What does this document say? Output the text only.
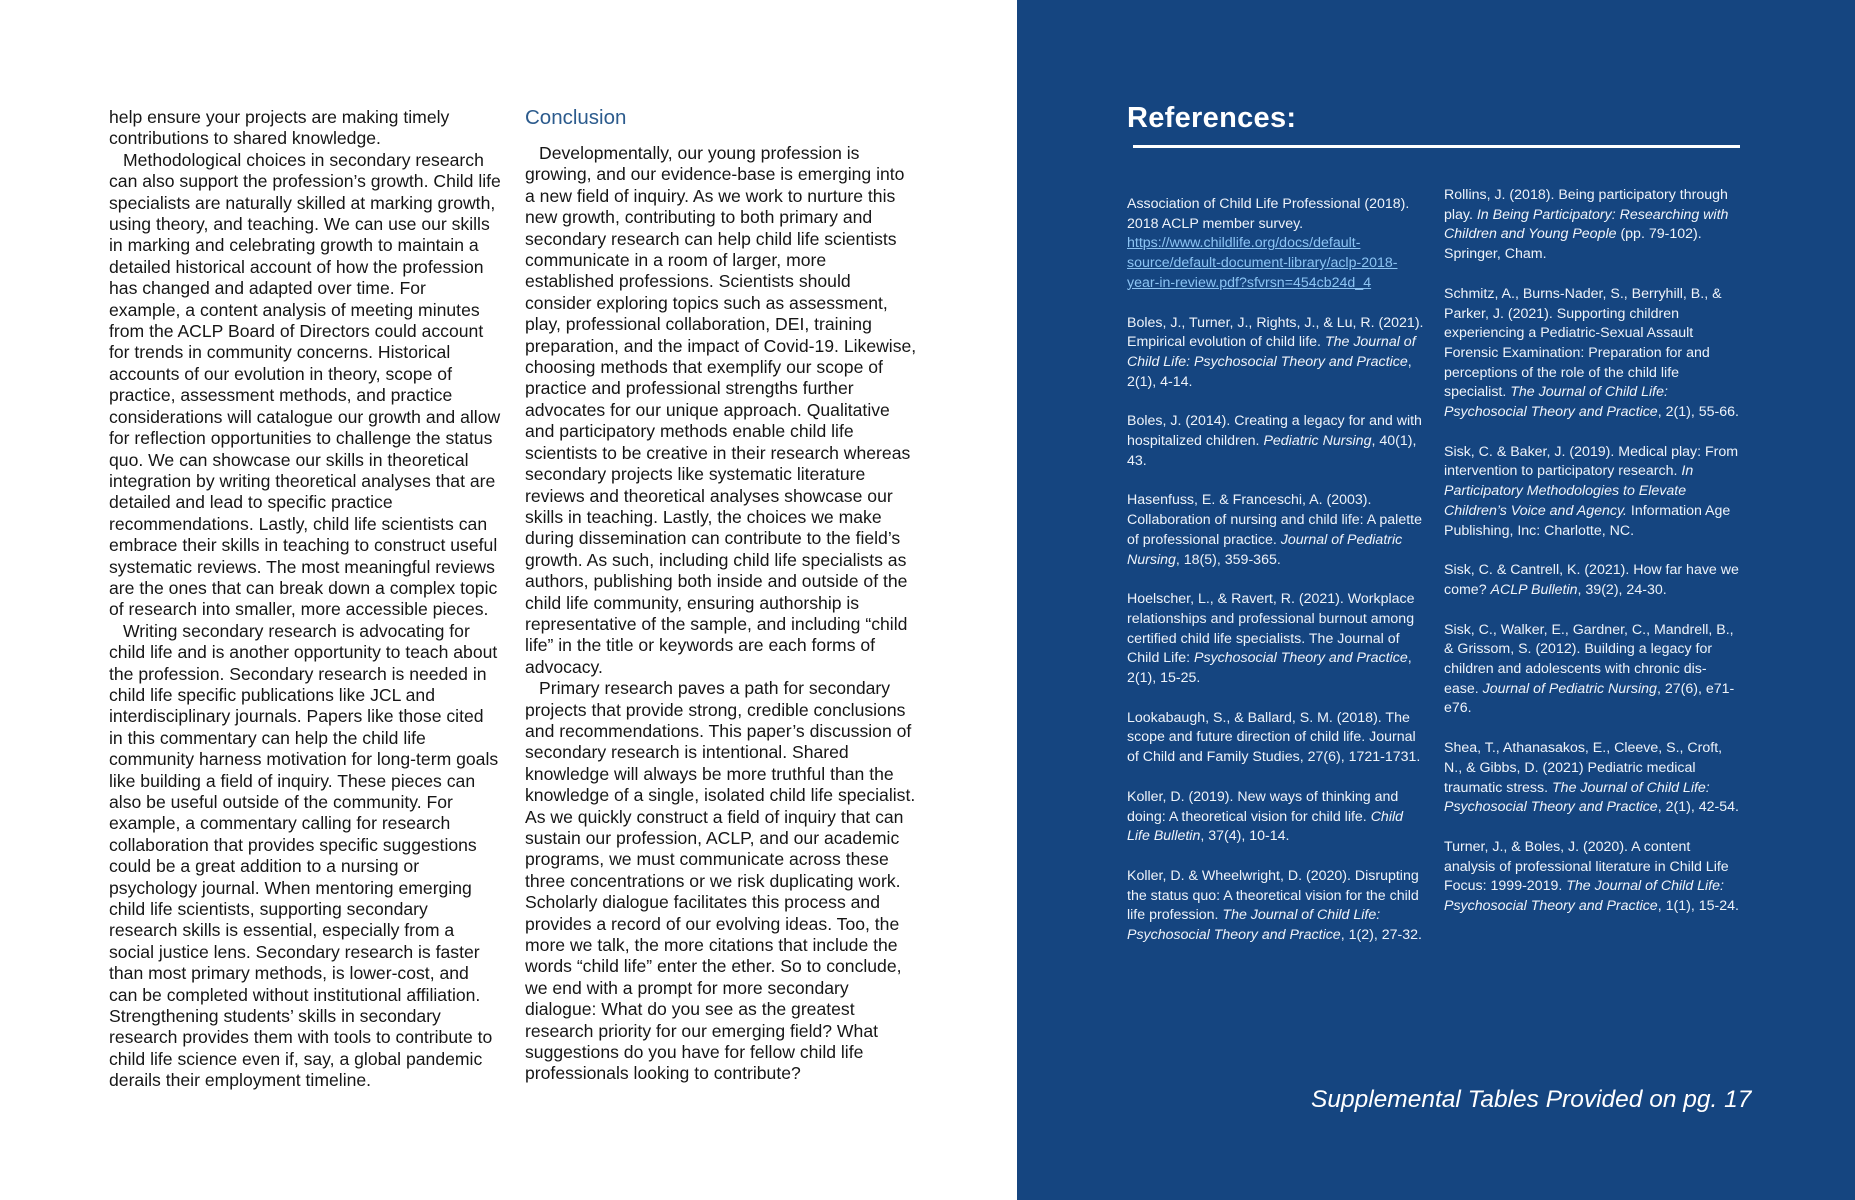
help ensure your projects are making timely contributions to shared knowledge.

Methodological choices in secondary research can also support the profession’s growth. Child life specialists are naturally skilled at marking growth, using theory, and teaching. We can use our skills in marking and celebrating growth to maintain a detailed historical account of how the profession has changed and adapted over time. For example, a content analysis of meeting minutes from the ACLP Board of Directors could account for trends in community concerns. Historical accounts of our evolution in theory, scope of practice, assessment methods, and practice considerations will catalogue our growth and allow for reflection opportunities to challenge the status quo. We can showcase our skills in theoretical integration by writing theoretical analyses that are detailed and lead to specific practice recommendations. Lastly, child life scientists can embrace their skills in teaching to construct useful systematic reviews. The most meaningful reviews are the ones that can break down a complex topic of research into smaller, more accessible pieces.

Writing secondary research is advocating for child life and is another opportunity to teach about the profession. Secondary research is needed in child life specific publications like JCL and interdisciplinary journals. Papers like those cited in this commentary can help the child life community harness motivation for long-term goals like building a field of inquiry. These pieces can also be useful outside of the community. For example, a commentary calling for research collaboration that provides specific suggestions could be a great addition to a nursing or psychology journal. When mentoring emerging child life scientists, supporting secondary research skills is essential, especially from a social justice lens. Secondary research is faster than most primary methods, is lower-cost, and can be completed without institutional affiliation. Strengthening students’ skills in secondary research provides them with tools to contribute to child life science even if, say, a global pandemic derails their employment timeline.

Conclusion

Developmentally, our young profession is growing, and our evidence-base is emerging into a new field of inquiry. As we work to nurture this new growth, contributing to both primary and secondary research can help child life scientists communicate in a room of larger, more established professions. Scientists should consider exploring topics such as assessment, play, professional collaboration, DEI, training preparation, and the impact of Covid-19. Likewise, choosing methods that exemplify our scope of practice and professional strengths further advocates for our unique approach. Qualitative and participatory methods enable child life scientists to be creative in their research whereas secondary projects like systematic literature reviews and theoretical analyses showcase our skills in teaching. Lastly, the choices we make during dissemination can contribute to the field’s growth. As such, including child life specialists as authors, publishing both inside and outside of the child life community, ensuring authorship is representative of the sample, and including “child life” in the title or keywords are each forms of advocacy.

Primary research paves a path for secondary projects that provide strong, credible conclusions and recommendations. This paper’s discussion of secondary research is intentional. Shared knowledge will always be more truthful than the knowledge of a single, isolated child life specialist. As we quickly construct a field of inquiry that can sustain our profession, ACLP, and our academic programs, we must communicate across these three concentrations or we risk duplicating work. Scholarly dialogue facilitates this process and provides a record of our evolving ideas. Too, the more we talk, the more citations that include the words “child life” enter the ether. So to conclude, we end with a prompt for more secondary dialogue: What do you see as the greatest research priority for our emerging field? What suggestions do you have for fellow child life professionals looking to contribute?

References:

Association of Child Life Professional (2018). 2018 ACLP member survey. https://www.childlife.org/docs/default-source/default-document-library/aclp-2018-year-in-review.pdf?sfvrsn=454cb24d_4

Boles, J., Turner, J., Rights, J., & Lu, R. (2021). Empirical evolution of child life. The Journal of Child Life: Psychosocial Theory and Practice, 2(1), 4-14.

Boles, J. (2014). Creating a legacy for and with hospitalized children. Pediatric Nursing, 40(1), 43.

Hasenfuss, E. & Franceschi, A. (2003). Collaboration of nursing and child life: A palette of professional practice. Journal of Pediatric Nursing, 18(5), 359-365.

Hoelscher, L., & Ravert, R. (2021). Workplace relationships and professional burnout among certified child life specialists. The Journal of Child Life: Psychosocial Theory and Practice, 2(1), 15-25.

Lookabaugh, S., & Ballard, S. M. (2018). The scope and future direction of child life. Journal of Child and Family Studies, 27(6), 1721-1731.

Koller, D. (2019). New ways of thinking and doing: A theoretical vision for child life. Child Life Bulletin, 37(4), 10-14.

Koller, D. & Wheelwright, D. (2020). Disrupting the status quo: A theoretical vision for the child life profession. The Journal of Child Life: Psychosocial Theory and Practice, 1(2), 27-32.

Rollins, J. (2018). Being participatory through play. In Being Participatory: Researching with Children and Young People (pp. 79-102). Springer, Cham.

Schmitz, A., Burns-Nader, S., Berryhill, B., & Parker, J. (2021). Supporting children experiencing a Pediatric-Sexual Assault Forensic Examination: Preparation for and perceptions of the role of the child life specialist. The Journal of Child Life: Psychosocial Theory and Practice, 2(1), 55-66.

Sisk, C. & Baker, J. (2019). Medical play: From intervention to participatory research. In Participatory Methodologies to Elevate Children’s Voice and Agency. Information Age Publishing, Inc: Charlotte, NC.

Sisk, C. & Cantrell, K. (2021). How far have we come? ACLP Bulletin, 39(2), 24-30.

Sisk, C., Walker, E., Gardner, C., Mandrell, B., & Grissom, S. (2012). Building a legacy for children and adolescents with chronic dis- ease. Journal of Pediatric Nursing, 27(6), e71-e76.

Shea, T., Athanasakos, E., Cleeve, S., Croft, N., & Gibbs, D. (2021) Pediatric medical traumatic stress. The Journal of Child Life: Psychosocial Theory and Practice, 2(1), 42-54.

Turner, J., & Boles, J. (2020). A content analysis of professional literature in Child Life Focus: 1999-2019. The Journal of Child Life: Psychosocial Theory and Practice, 1(1), 15-24.

Supplemental Tables Provided on pg. 17
